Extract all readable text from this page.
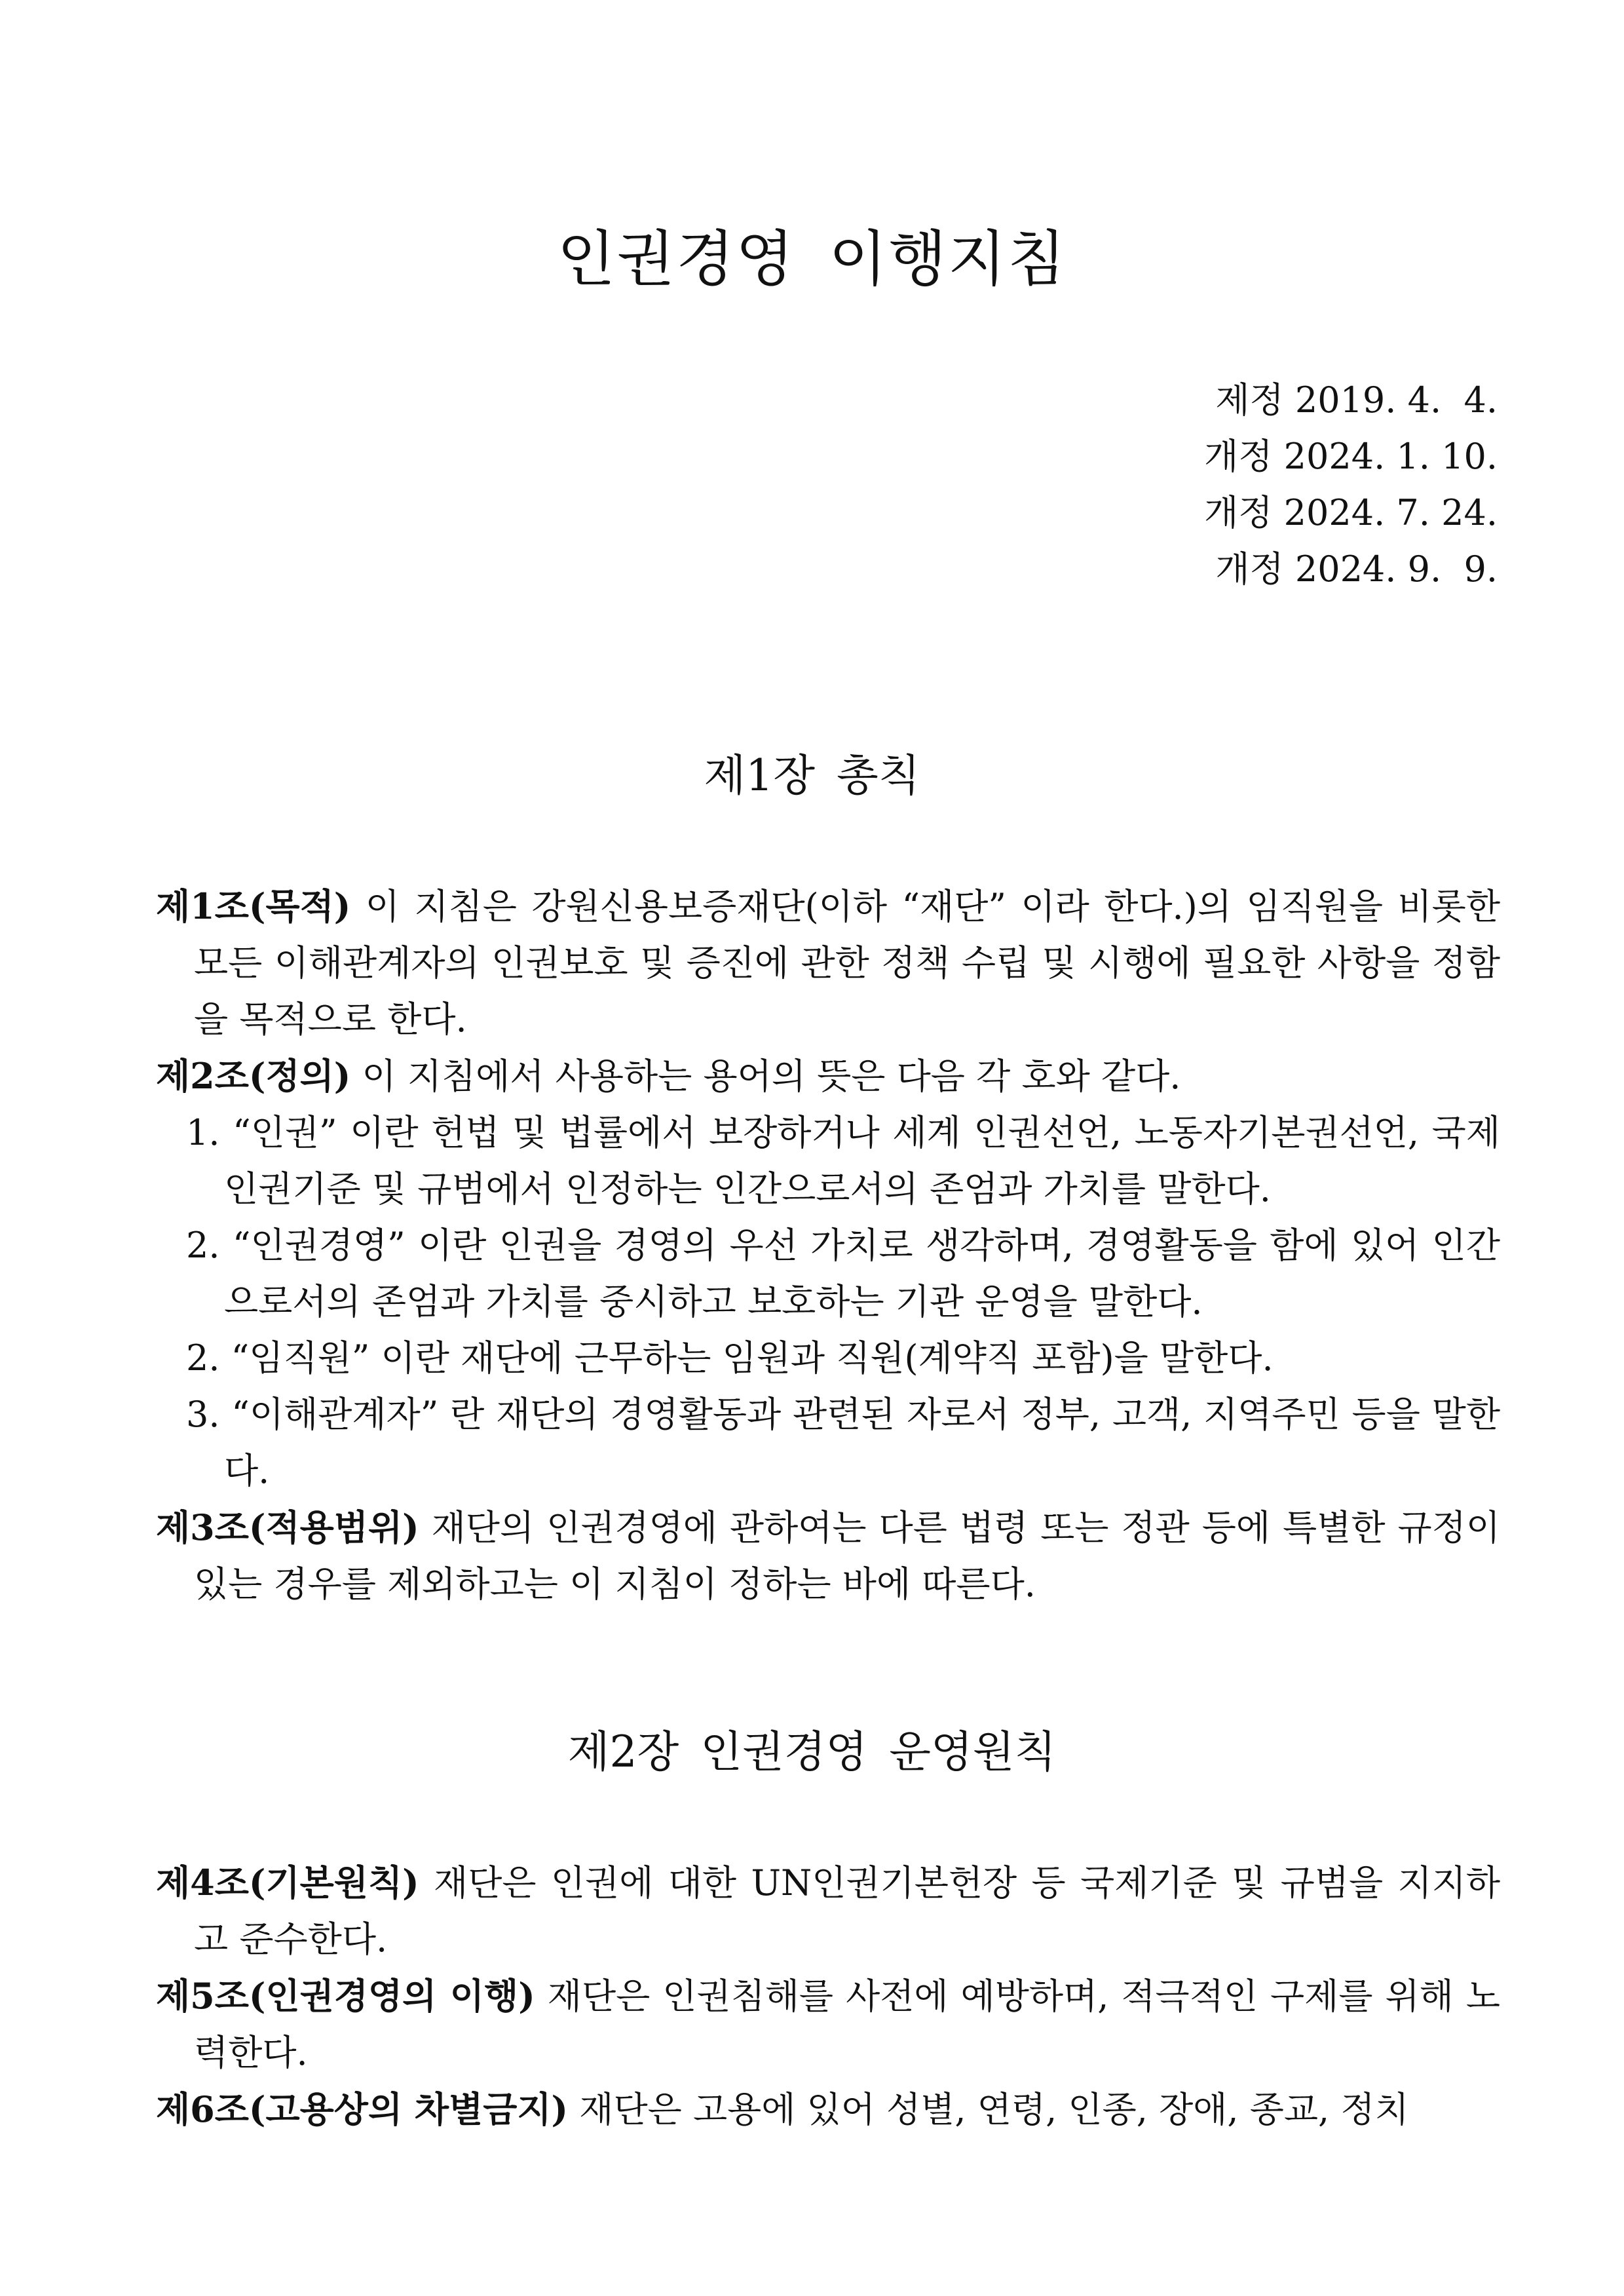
인권경영 이행지침
제정 2019. 4.  4.
개정 2024. 1. 10.
개정 2024. 7. 24.
개정 2024. 9.  9.
제1장 총칙
제1조(목적) 이 지침은 강원신용보증재단(이하 “재단” 이라 한다.)의 임직원을 비롯한 모든 이해관계자의 인권보호 및 증진에 관한 정책 수립 및 시행에 필요한 사항을 정함을 목적으로 한다.
제2조(정의) 이 지침에서 사용하는 용어의 뜻은 다음 각 호와 같다.
1. “인권” 이란 헌법 및 법률에서 보장하거나 세계 인권선언, 노동자기본권선언, 국제인권기준 및 규범에서 인정하는 인간으로서의 존엄과 가치를 말한다.
2. “인권경영” 이란 인권을 경영의 우선 가치로 생각하며, 경영활동을 함에 있어 인간으로서의 존엄과 가치를 중시하고 보호하는 기관 운영을 말한다.
2. “임직원” 이란 재단에 근무하는 임원과 직원(계약직 포함)을 말한다.
3. “이해관계자” 란 재단의 경영활동과 관련된 자로서 정부, 고객, 지역주민 등을 말한다.
제3조(적용범위) 재단의 인권경영에 관하여는 다른 법령 또는 정관 등에 특별한 규정이 있는 경우를 제외하고는 이 지침이 정하는 바에 따른다.
제2장 인권경영 운영원칙
제4조(기본원칙) 재단은 인권에 대한 UN인권기본헌장 등 국제기준 및 규범을 지지하고 준수한다.
제5조(인권경영의 이행) 재단은 인권침해를 사전에 예방하며, 적극적인 구제를 위해 노력한다.
제6조(고용상의 차별금지) 재단은 고용에 있어 성별, 연령, 인종, 장애, 종교, 정치
